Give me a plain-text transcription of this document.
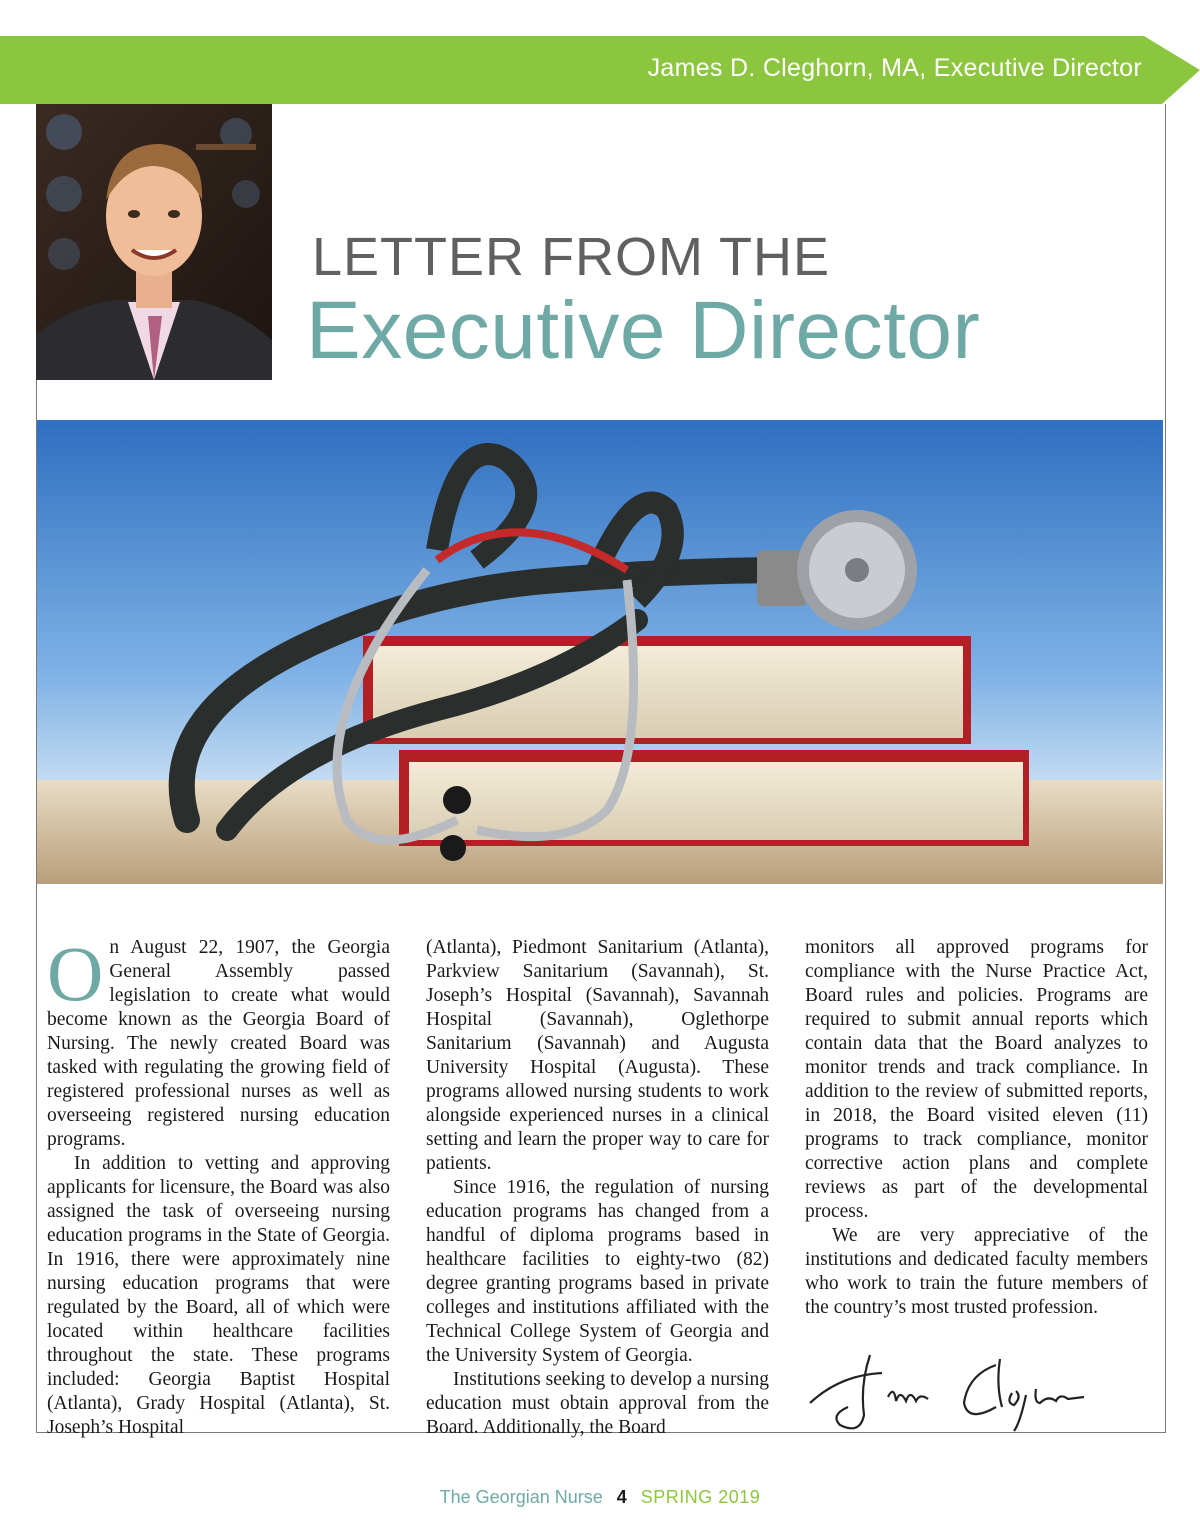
James D. Cleghorn, MA, Executive Director
LETTER FROM THE
Executive Director

On August 22, 1907, the Georgia General Assembly passed legislation to create what would become known as the Georgia Board of Nursing. The newly created Board was tasked with regulating the growing field of registered professional nurses as well as overseeing registered nursing education programs.

In addition to vetting and approving applicants for licensure, the Board was also assigned the task of overseeing nursing education programs in the State of Georgia. In 1916, there were approximately nine nursing education programs that were regulated by the Board, all of which were located within healthcare facilities throughout the state. These programs included: Georgia Baptist Hospital (Atlanta), Grady Hospital (Atlanta), St. Joseph’s Hospital

(Atlanta), Piedmont Sanitarium (Atlanta), Parkview Sanitarium (Savannah), St. Joseph’s Hospital (Savannah), Savannah Hospital (Savannah), Oglethorpe Sanitarium (Savannah) and Augusta University Hospital (Augusta). These programs allowed nursing students to work alongside experienced nurses in a clinical setting and learn the proper way to care for patients.

Since 1916, the regulation of nursing education programs has changed from a handful of diploma programs based in healthcare facilities to eighty-two (82) degree granting programs based in private colleges and institutions affiliated with the Technical College System of Georgia and the University System of Georgia.

Institutions seeking to develop a nursing education must obtain approval from the Board. Additionally, the Board

monitors all approved programs for compliance with the Nurse Practice Act, Board rules and policies. Programs are required to submit annual reports which contain data that the Board analyzes to monitor trends and track compliance. In addition to the review of submitted reports, in 2018, the Board visited eleven (11) programs to track compliance, monitor corrective action plans and complete reviews as part of the developmental process.

We are very appreciative of the institutions and dedicated faculty members who work to train the future members of the country’s most trusted profession.

The Georgian Nurse 4 SPRING 2019
